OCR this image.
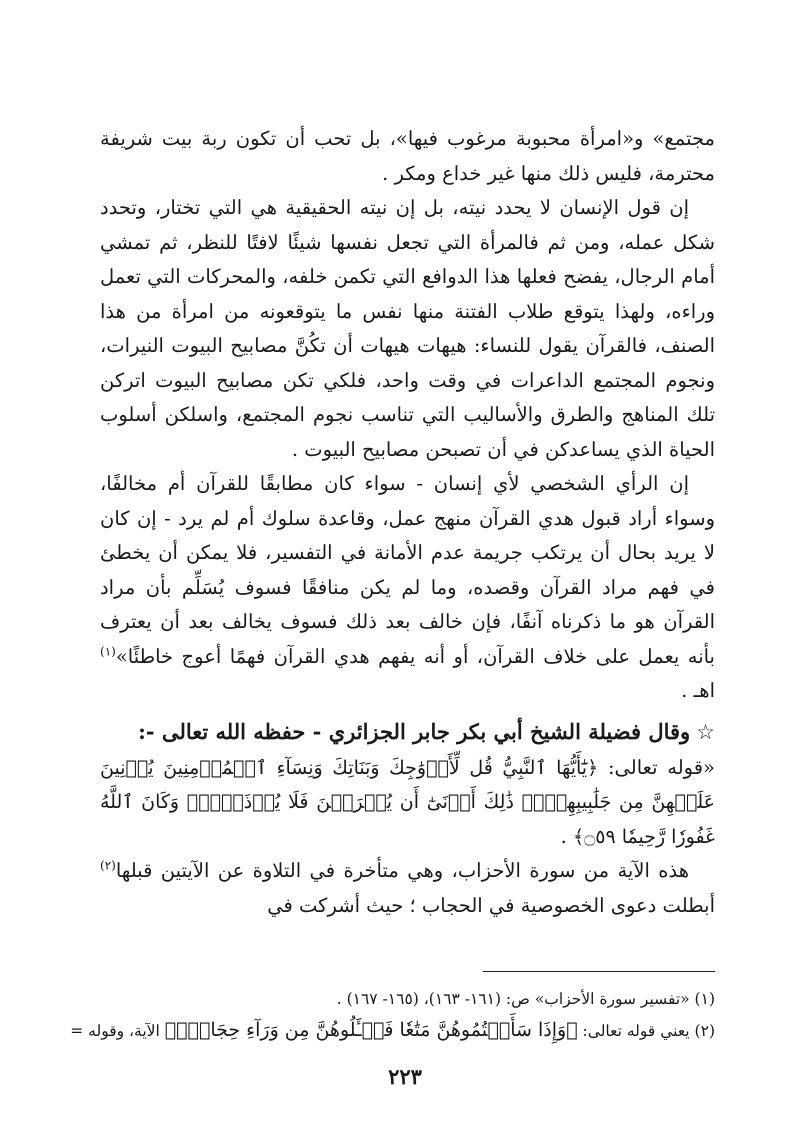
مجتمع» و«امرأة محبوبة مرغوب فيها»، بل تحب أن تكون ربة بيت شريفة محترمة، فليس ذلك منها غير خداع ومكر .

إن قول الإنسان لا يحدد نيته، بل إن نيته الحقيقية هي التي تختار، وتحدد شكل عمله، ومن ثم فالمرأة التي تجعل نفسها شيئًا لافتًا للنظر، ثم تمشي أمام الرجال، يفضح فعلها هذا الدوافع التي تكمن خلفه، والمحركات التي تعمل وراءه، ولهذا يتوقع طلاب الفتنة منها نفس ما يتوقعونه من امرأة من هذا الصنف، فالقرآن يقول للنساء: هيهات هيهات أن تكُنَّ مصابيح البيوت النيرات، ونجوم المجتمع الداعرات في وقت واحد، فلكي تكن مصابيح البيوت اتركن تلك المناهج والطرق والأساليب التي تناسب نجوم المجتمع، واسلكن أسلوب الحياة الذي يساعدكن في أن تصبحن مصابيح البيوت .

إن الرأي الشخصي لأي إنسان - سواء كان مطابقًا للقرآن أم مخالفًا، وسواء أراد قبول هدي القرآن منهج عمل، وقاعدة سلوك أم لم يرد - إن كان لا يريد بحال أن يرتكب جريمة عدم الأمانة في التفسير، فلا يمكن أن يخطئ في فهم مراد القرآن وقصده، وما لم يكن منافقًا فسوف يُسَلِّم بأن مراد القرآن هو ما ذكرناه آنفًا، فإن خالف بعد ذلك فسوف يخالف بعد أن يعترف بأنه يعمل على خلاف القرآن، أو أنه يفهم هدي القرآن فهمًا أعوج خاطئًا»$^{(١)}$ اهـ .

☆وقال فضيلة الشيخ أبي بكر جابر الجزائري - حفظه الله تعالى -:

«قوله تعالى: ﴿يَٰٓأَيُّهَا ٱلنَّبِيُّ قُل لِّأَزۡوَٰجِكَ وَبَنَاتِكَ وَنِسَآءِ ٱلۡمُؤۡمِنِينَ يُدۡنِينَ عَلَيۡهِنَّ مِن جَلَٰبِيبِهِنَّۚ ذَٰلِكَ أَدۡنَىٰٓ أَن يُعۡرَفۡنَ فَلَا يُؤۡذَيۡنَۗ وَكَانَ ٱللَّهُ غَفُورٗا رَّحِيمٗا ۝٥٩﴾ .

هذه الآية من سورة الأحزاب، وهي متأخرة في التلاوة عن الآيتين قبلها$^{(٢)}$ أبطلت دعوى الخصوصية في الحجاب ؛ حيث أشركت في

(١) «تفسير سورة الأحزاب» ص: (١٦١- ١٦٣)، (١٦٥- ١٦٧) .

(٢) يعني قوله تعالى: ﴿وَإِذَا سَأَلۡتُمُوهُنَّ مَتَٰعٗا فَسۡـَٔلُوهُنَّ مِن وَرَآءِ حِجَابٖۚ﴾ الآية، وقوله =

٢٢٣
